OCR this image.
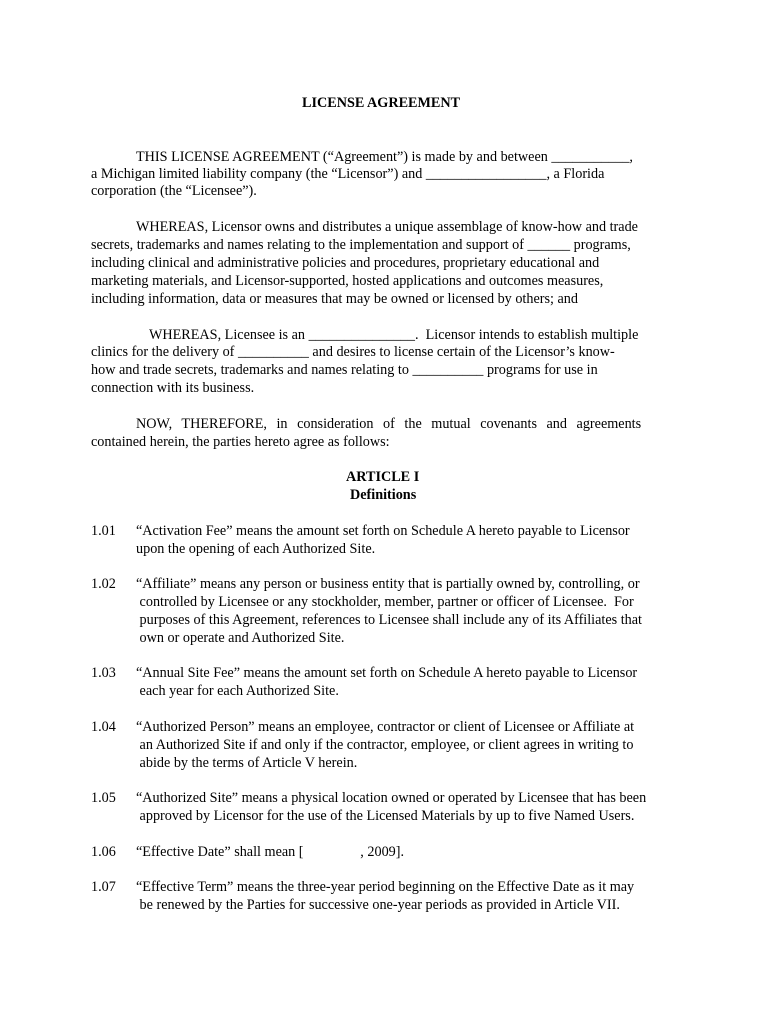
LICENSE AGREEMENT
THIS LICENSE AGREEMENT (“Agreement”) is made by and between ___________,
a Michigan limited liability company (the “Licensor”) and _________________, a Florida
corporation (the “Licensee”).
WHEREAS, Licensor owns and distributes a unique assemblage of know-how and trade
secrets, trademarks and names relating to the implementation and support of ______ programs,
including clinical and administrative policies and procedures, proprietary educational and
marketing materials, and Licensor-supported, hosted applications and outcomes measures,
including information, data or measures that may be owned or licensed by others; and
WHEREAS, Licensee is an _______________.  Licensor intends to establish multiple
clinics for the delivery of __________ and desires to license certain of the Licensor’s know-
how and trade secrets, trademarks and names relating to __________ programs for use in
connection with its business.
NOW, THEREFORE, in consideration of the mutual covenants and agreements
contained herein, the parties hereto agree as follows:
ARTICLE I
Definitions
1.01 “Activation Fee” means the amount set forth on Schedule A hereto payable to Licensor
upon the opening of each Authorized Site.
1.02 “Affiliate” means any person or business entity that is partially owned by, controlling, or
controlled by Licensee or any stockholder, member, partner or officer of Licensee.  For
purposes of this Agreement, references to Licensee shall include any of its Affiliates that
own or operate and Authorized Site.
1.03 “Annual Site Fee” means the amount set forth on Schedule A hereto payable to Licensor
each year for each Authorized Site.
1.04 “Authorized Person” means an employee, contractor or client of Licensee or Affiliate at
an Authorized Site if and only if the contractor, employee, or client agrees in writing to
abide by the terms of Article V herein.
1.05 “Authorized Site” means a physical location owned or operated by Licensee that has been
approved by Licensor for the use of the Licensed Materials by up to five Named Users.
1.06 “Effective Date” shall mean [                , 2009].
1.07 “Effective Term” means the three-year period beginning on the Effective Date as it may
be renewed by the Parties for successive one-year periods as provided in Article VII.
